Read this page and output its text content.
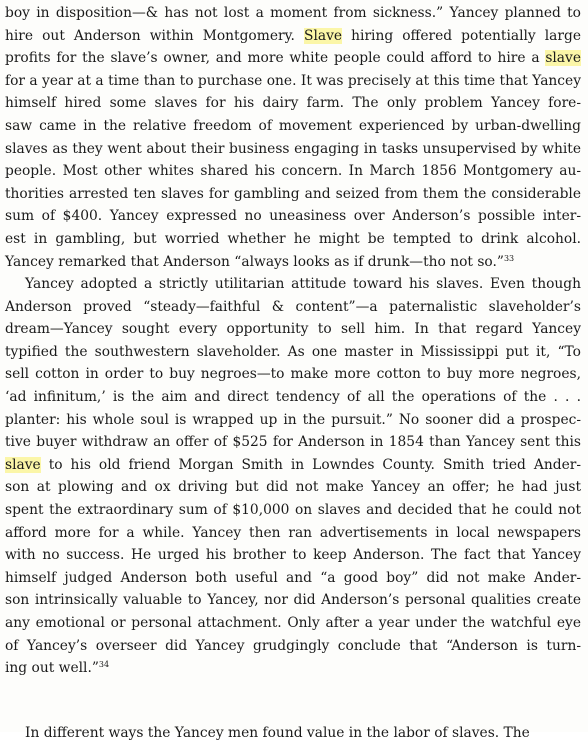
boy in disposition—& has not lost a moment from sickness.” Yancey planned to
hire out Anderson within Montgomery. Slave hiring offered potentially large
profits for the slave’s owner, and more white people could afford to hire a slave
for a year at a time than to purchase one. It was precisely at this time that Yancey
himself hired some slaves for his dairy farm. The only problem Yancey fore-
saw came in the relative freedom of movement experienced by urban-dwelling
slaves as they went about their business engaging in tasks unsupervised by white
people. Most other whites shared his concern. In March 1856 Montgomery au-
thorities arrested ten slaves for gambling and seized from them the considerable
sum of $400. Yancey expressed no uneasiness over Anderson’s possible inter-
est in gambling, but worried whether he might be tempted to drink alcohol.
Yancey remarked that Anderson “always looks as if drunk—tho not so.”$^{33}$
Yancey adopted a strictly utilitarian attitude toward his slaves. Even though
Anderson proved “steady—faithful & content”—a paternalistic slaveholder’s
dream—Yancey sought every opportunity to sell him. In that regard Yancey
typified the southwestern slaveholder. As one master in Mississippi put it, “To
sell cotton in order to buy negroes—to make more cotton to buy more negroes,
‘ad infinitum,’ is the aim and direct tendency of all the operations of the . . .
planter: his whole soul is wrapped up in the pursuit.” No sooner did a prospec-
tive buyer withdraw an offer of $525 for Anderson in 1854 than Yancey sent this
slave to his old friend Morgan Smith in Lowndes County. Smith tried Ander-
son at plowing and ox driving but did not make Yancey an offer; he had just
spent the extraordinary sum of $10,000 on slaves and decided that he could not
afford more for a while. Yancey then ran advertisements in local newspapers
with no success. He urged his brother to keep Anderson. The fact that Yancey
himself judged Anderson both useful and “a good boy” did not make Ander-
son intrinsically valuable to Yancey, nor did Anderson’s personal qualities create
any emotional or personal attachment. Only after a year under the watchful eye
of Yancey’s overseer did Yancey grudgingly conclude that “Anderson is turn-
ing out well.”$^{34}$
In different ways the Yancey men found value in the labor of slaves. The
